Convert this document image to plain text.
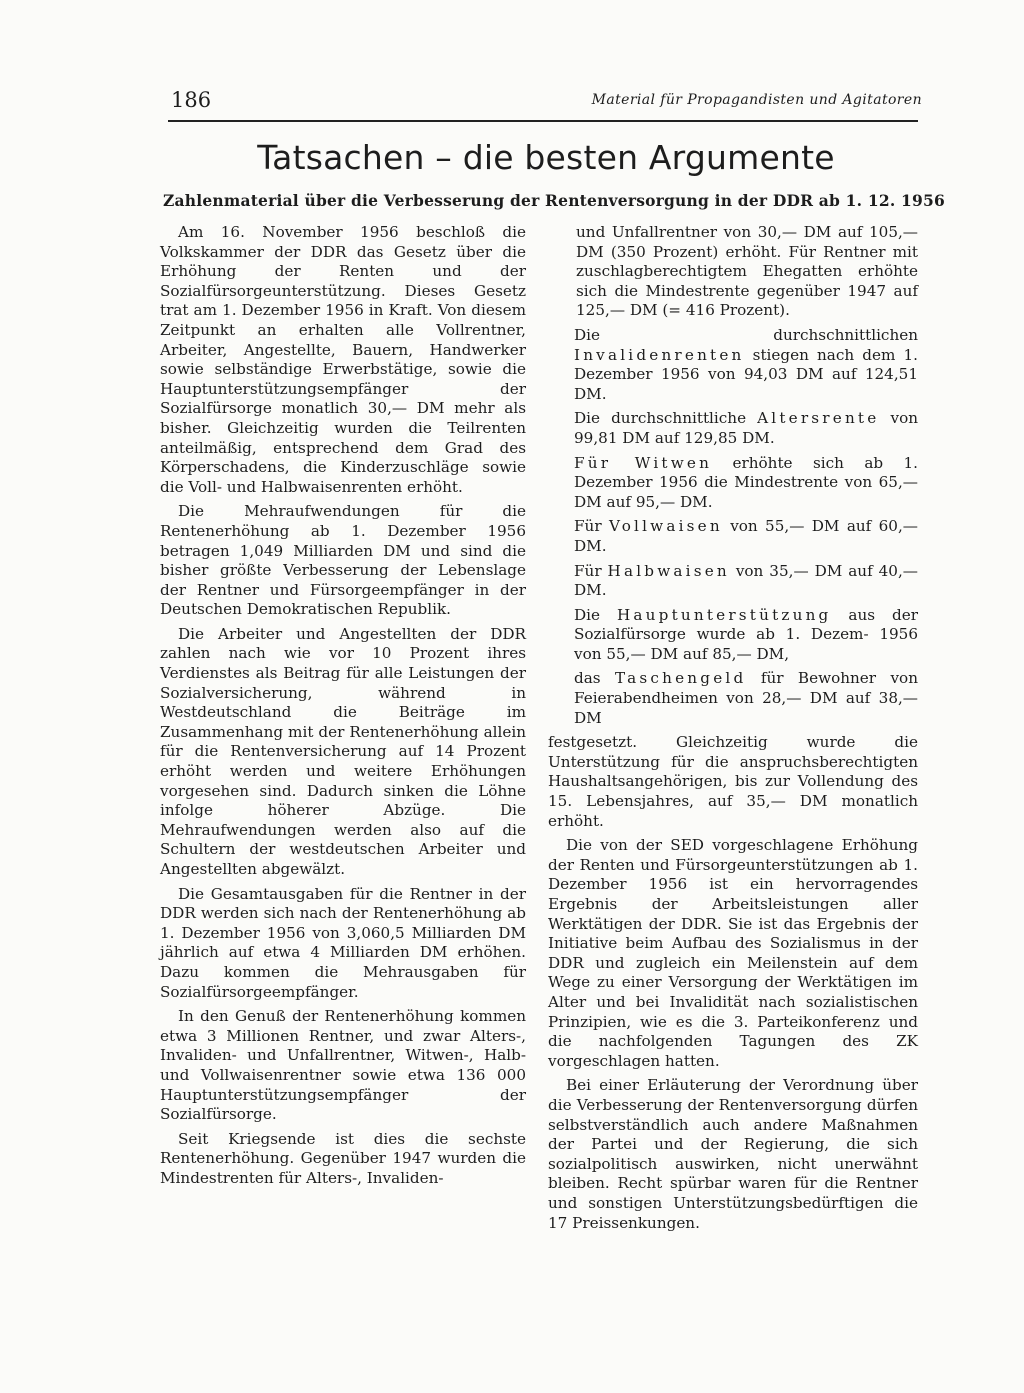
186	Material für Propagandisten und Agitatoren
Tatsachen – die besten Argumente
Zahlenmaterial über die Verbesserung der Rentenversorgung in der DDR ab 1. 12. 1956

Am 16. November 1956 beschloß die Volkskammer der DDR das Gesetz über die Erhöhung der Renten und der Sozialfürsorgeunterstützung. Dieses Gesetz trat am 1. Dezember 1956 in Kraft. Von diesem Zeitpunkt an erhalten alle Vollrentner, Arbeiter, Angestellte, Bauern, Handwerker sowie selbständige Erwerbstätige, sowie die Hauptunterstützungsempfänger der Sozialfürsorge monatlich 30,— DM mehr als bisher. Gleichzeitig wurden die Teilrenten anteilmäßig, entsprechend dem Grad des Körperschadens, die Kinderzuschläge sowie die Voll- und Halbwaisenrenten erhöht.

Die Mehraufwendungen für die Rentenerhöhung ab 1. Dezember 1956 betragen 1,049 Milliarden DM und sind die bisher größte Verbesserung der Lebenslage der Rentner und Fürsorgeempfänger in der Deutschen Demokratischen Republik.

Die Arbeiter und Angestellten der DDR zahlen nach wie vor 10 Prozent ihres Verdienstes als Beitrag für alle Leistungen der Sozialversicherung, während in Westdeutschland die Beiträge im Zusammenhang mit der Rentenerhöhung allein für die Rentenversicherung auf 14 Prozent erhöht werden und weitere Erhöhungen vorgesehen sind. Dadurch sinken die Löhne infolge höherer Abzüge. Die Mehraufwendungen werden also auf die Schultern der westdeutschen Arbeiter und Angestellten abgewälzt.

Die Gesamtausgaben für die Rentner in der DDR werden sich nach der Rentenerhöhung ab 1. Dezember 1956 von 3,060,5 Milliarden DM jährlich auf etwa 4 Milliarden DM erhöhen. Dazu kommen die Mehrausgaben für Sozialfürsorgeempfänger.

In den Genuß der Rentenerhöhung kommen etwa 3 Millionen Rentner, und zwar Alters-, Invaliden- und Unfallrentner, Witwen-, Halb- und Vollwaisenrentner sowie etwa 136 000 Hauptunterstützungsempfänger der Sozialfürsorge.

Seit Kriegsende ist dies die sechste Rentenerhöhung. Gegenüber 1947 wurden die Mindestrenten für Alters-, Invaliden-

und Unfallrentner von 30,— DM auf 105,— DM (350 Prozent) erhöht. Für Rentner mit zuschlagberechtigtem Ehegatten erhöhte sich die Mindestrente gegenüber 1947 auf 125,— DM (= 416 Prozent).

Die durchschnittlichen Invalidenrenten stiegen nach dem 1. Dezember 1956 von 94,03 DM auf 124,51 DM.

Die durchschnittliche Altersrente von 99,81 DM auf 129,85 DM.

Für Witwen erhöhte sich ab 1. Dezember 1956 die Mindestrente von 65,— DM auf 95,— DM.

Für Vollwaisen von 55,— DM auf 60,— DM.

Für Halbwaisen von 35,— DM auf 40,— DM.

Die Hauptunterstützung aus der Sozialfürsorge wurde ab 1. Dezem- 1956 von 55,— DM auf 85,— DM,

das Taschengeld für Bewohner von Feierabendheimen von 28,— DM auf 38,— DM

festgesetzt. Gleichzeitig wurde die Unterstützung für die anspruchsberechtigten Haushaltsangehörigen, bis zur Vollendung des 15. Lebensjahres, auf 35,— DM monatlich erhöht.

Die von der SED vorgeschlagene Erhöhung der Renten und Fürsorgeunterstützungen ab 1. Dezember 1956 ist ein hervorragendes Ergebnis der Arbeitsleistungen aller Werktätigen der DDR. Sie ist das Ergebnis der Initiative beim Aufbau des Sozialismus in der DDR und zugleich ein Meilenstein auf dem Wege zu einer Versorgung der Werktätigen im Alter und bei Invalidität nach sozialistischen Prinzipien, wie es die 3. Parteikonferenz und die nachfolgenden Tagungen des ZK vorgeschlagen hatten.

Bei einer Erläuterung der Verordnung über die Verbesserung der Rentenversorgung dürfen selbstverständlich auch andere Maßnahmen der Partei und der Regierung, die sich sozialpolitisch auswirken, nicht unerwähnt bleiben. Recht spürbar waren für die Rentner und sonstigen Unterstützungsbedürftigen die 17 Preissenkungen.
